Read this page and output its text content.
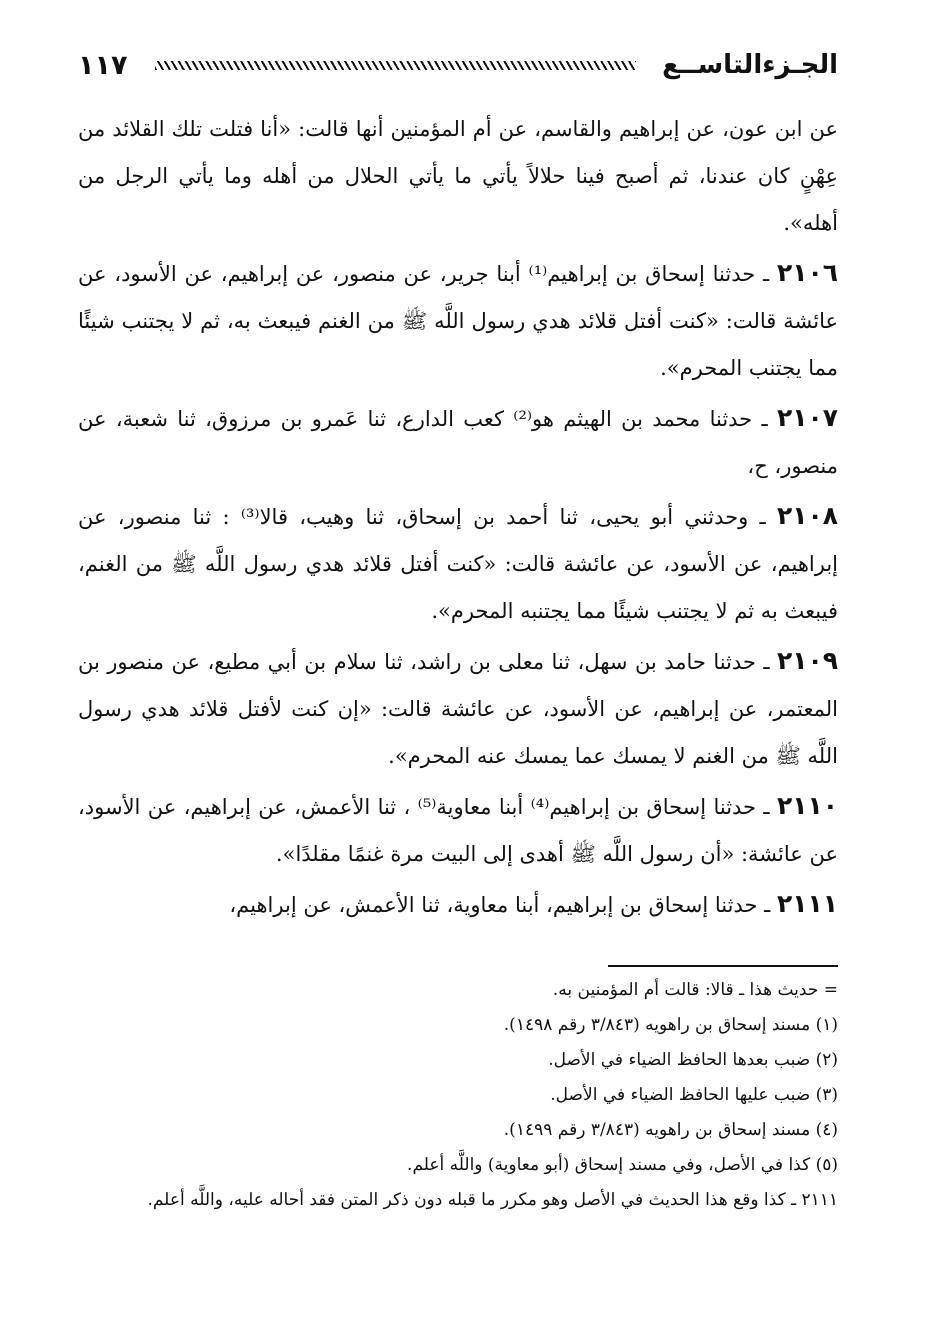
الجـزءالتاســع
١١٧

عن ابن عون، عن إبراهيم والقاسم، عن أم المؤمنين أنها قالت: «أنا فتلت تلك القلائد من عِهْنٍ كان عندنا، ثم أصبح فينا حلالاً يأتي ما يأتي الحلال من أهله وما يأتي الرجل من أهله».

٢١٠٦ ـ حدثنا إسحاق بن إبراهيم⁽¹⁾ أبنا جرير، عن منصور، عن إبراهيم، عن الأسود، عن عائشة قالت: «كنت أفتل قلائد هدي رسول اللَّه ﷺ من الغنم فيبعث به، ثم لا يجتنب شيئًا مما يجتنب المحرم».

٢١٠٧ ـ حدثنا محمد بن الهيثم هو⁽²⁾ كعب الدارع، ثنا عَمرو بن مرزوق، ثنا شعبة، عن منصور، ح،

٢١٠٨ ـ وحدثني أبو يحيى، ثنا أحمد بن إسحاق، ثنا وهيب، قالا⁽³⁾ : ثنا منصور، عن إبراهيم، عن الأسود، عن عائشة قالت: «كنت أفتل قلائد هدي رسول اللَّه ﷺ من الغنم، فيبعث به ثم لا يجتنب شيئًا مما يجتنبه المحرم».

٢١٠٩ ـ حدثنا حامد بن سهل، ثنا معلى بن راشد، ثنا سلام بن أبي مطيع، عن منصور بن المعتمر، عن إبراهيم، عن الأسود، عن عائشة قالت: «إن كنت لأفتل قلائد هدي رسول اللَّه ﷺ من الغنم لا يمسك عما يمسك عنه المحرم».

٢١١٠ ـ حدثنا إسحاق بن إبراهيم⁽⁴⁾ أبنا معاوية⁽⁵⁾ ، ثنا الأعمش، عن إبراهيم، عن الأسود، عن عائشة: «أن رسول اللَّه ﷺ أهدى إلى البيت مرة غنمًا مقلدًا».

٢١١١ ـ حدثنا إسحاق بن إبراهيم، أبنا معاوية، ثنا الأعمش، عن إبراهيم،

= حديث هذا ـ قالا: قالت أم المؤمنين به.

(١) مسند إسحاق بن راهويه (٣/٨٤٣ رقم ١٤٩٨).

(٢) ضبب بعدها الحافظ الضياء في الأصل.

(٣) ضبب عليها الحافظ الضياء في الأصل.

(٤) مسند إسحاق بن راهويه (٣/٨٤٣ رقم ١٤٩٩).

(٥) كذا في الأصل، وفي مسند إسحاق (أبو معاوية) واللَّه أعلم.

٢١١١ ـ كذا وقع هذا الحديث في الأصل وهو مكرر ما قبله دون ذكر المتن فقد أحاله عليه، واللَّه أعلم.
